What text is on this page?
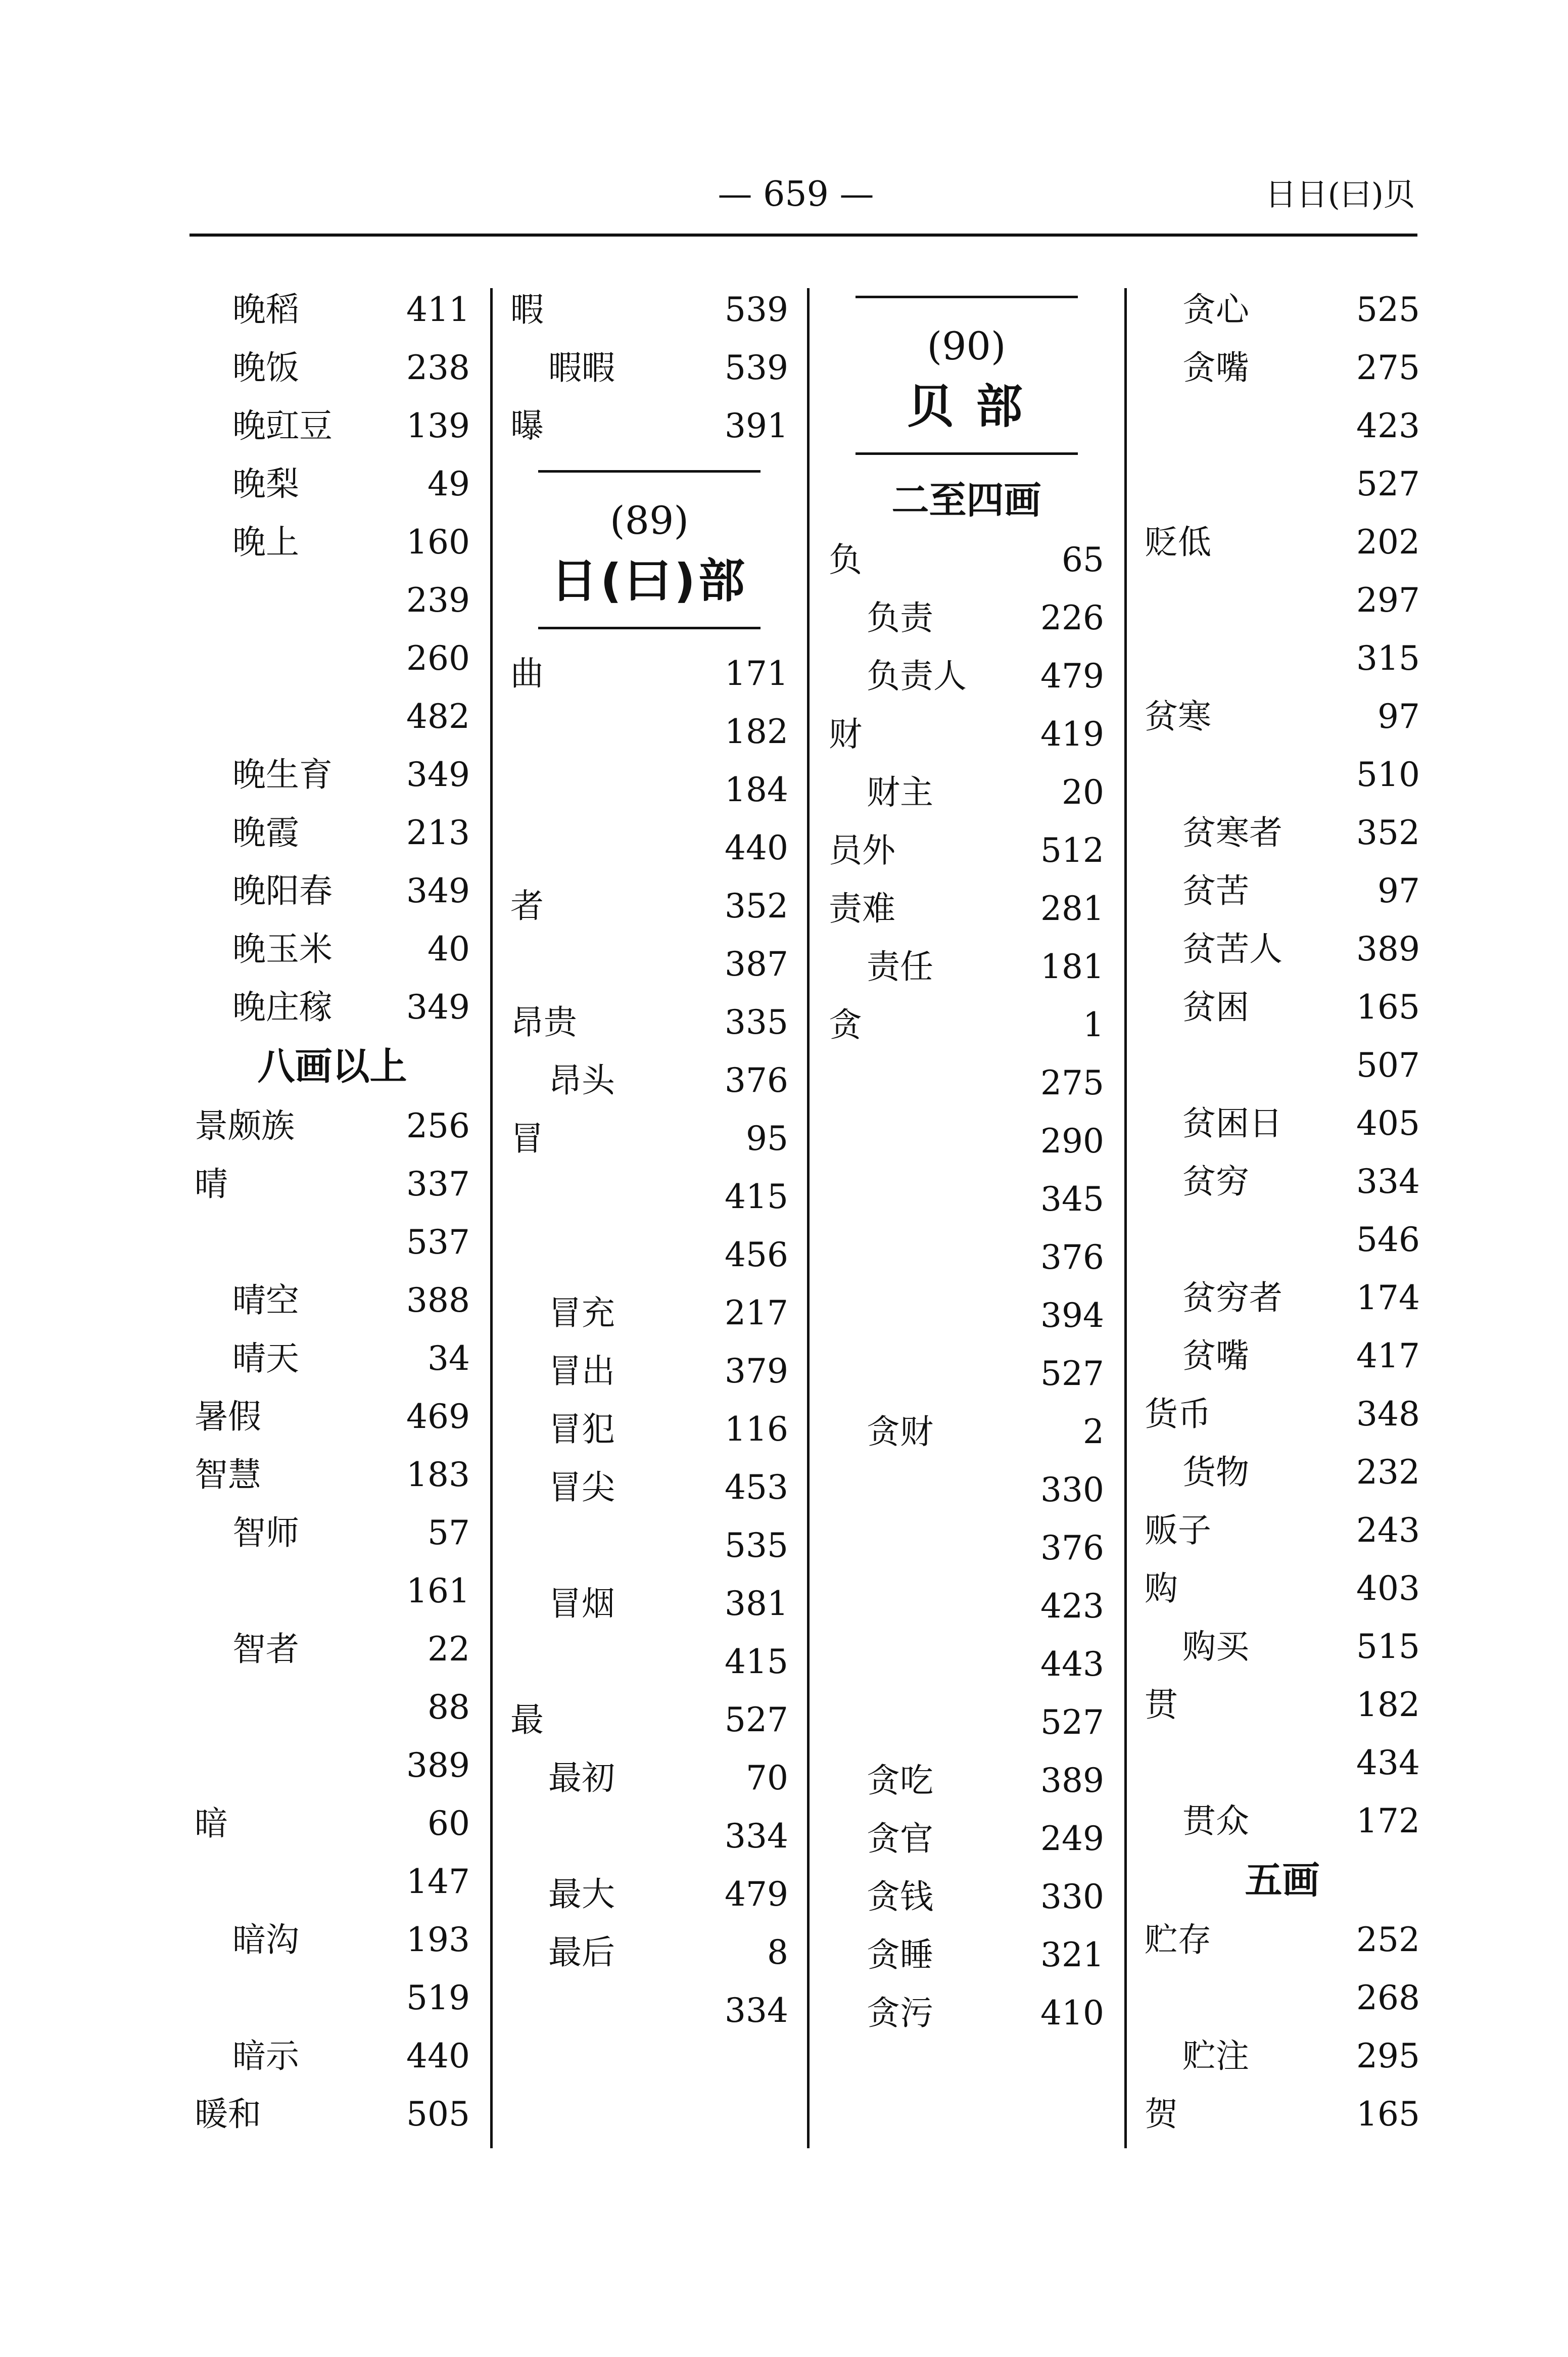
— 659 —	日日(曰)贝
晚稻	411
晚饭	238
晚豇豆 139
晚梨	49
晚上	160
239
260
482
晚生育 349
晚霞	213
晚阳春 349
晚玉米	40
晚庄稼 349
八画以上
景颇族	256
晴	337
537
晴空	388
晴天	34
暑假	469
智慧	183
智师	57
161
智者	22
88
389
暗	60
147
暗沟	193
519
暗示	440
暖和	505
暇	539
暇暇	539
曝	391
(89)
日(曰)部
曲	171
182
184
440
者	352
387
昂贵	335
昂头	376
冒	95
415
456
冒充	217
冒出	379
冒犯	116
冒尖	453
535
冒烟	381
415
最	527
最初	70
334
最大	479
最后	8
334
(90)
贝 部
二至四画
负	65
负责	226
负责人 479
财	419
财主	20
员外	512
责难	281
责任	181
贪	1
275
290
345
376
394
527
贪财	2
330
376
423
443
527
贪吃	389
贪官	249
贪钱	330
贪睡	321
贪污	410
贪心	525
贪嘴	275
423
527
贬低	202
297
315
贫寒	97
510
贫寒者 352
贫苦	97
贫苦人 389
贫困	165
507
贫困日 405
贫穷	334
546
贫穷者 174
贫嘴	417
货币	348
货物	232
贩子	243
购	403
购买	515
贯	182
434
贯众	172
五画
贮存	252
268
贮注	295
贺	165
